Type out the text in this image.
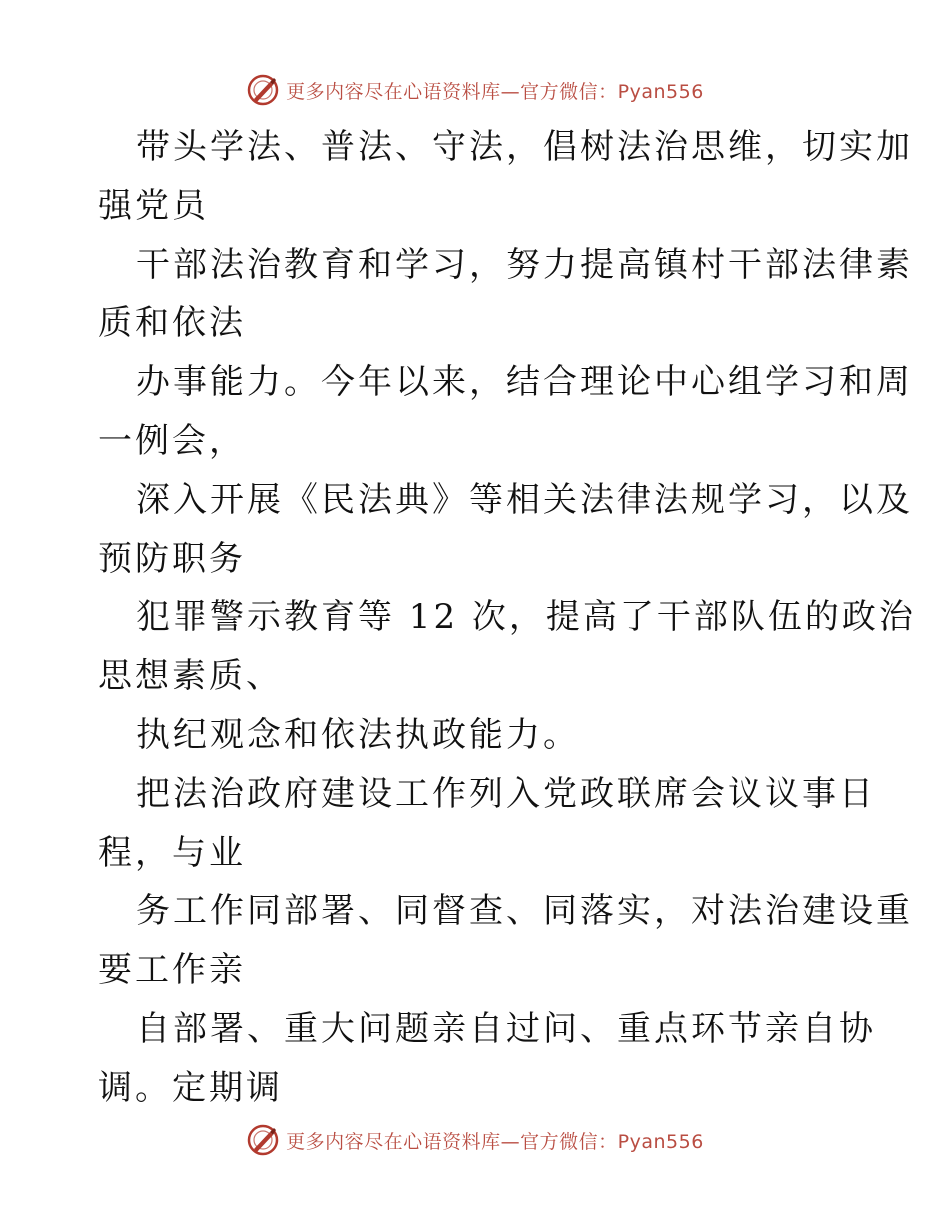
更多内容尽在心语资料库—官方微信：Pyan556
带头学法、普法、守法，倡树法治思维，切实加
强党员
干部法治教育和学习，努力提高镇村干部法律素
质和依法
办事能力。今年以来，结合理论中心组学习和周
一例会，
深入开展《民法典》等相关法律法规学习，以及
预防职务
犯罪警示教育等 12 次，提高了干部队伍的政治
思想素质、
执纪观念和依法执政能力。
把法治政府建设工作列入党政联席会议议事日
程，与业
务工作同部署、同督查、同落实，对法治建设重
要工作亲
自部署、重大问题亲自过问、重点环节亲自协
调。定期调
更多内容尽在心语资料库—官方微信：Pyan556
